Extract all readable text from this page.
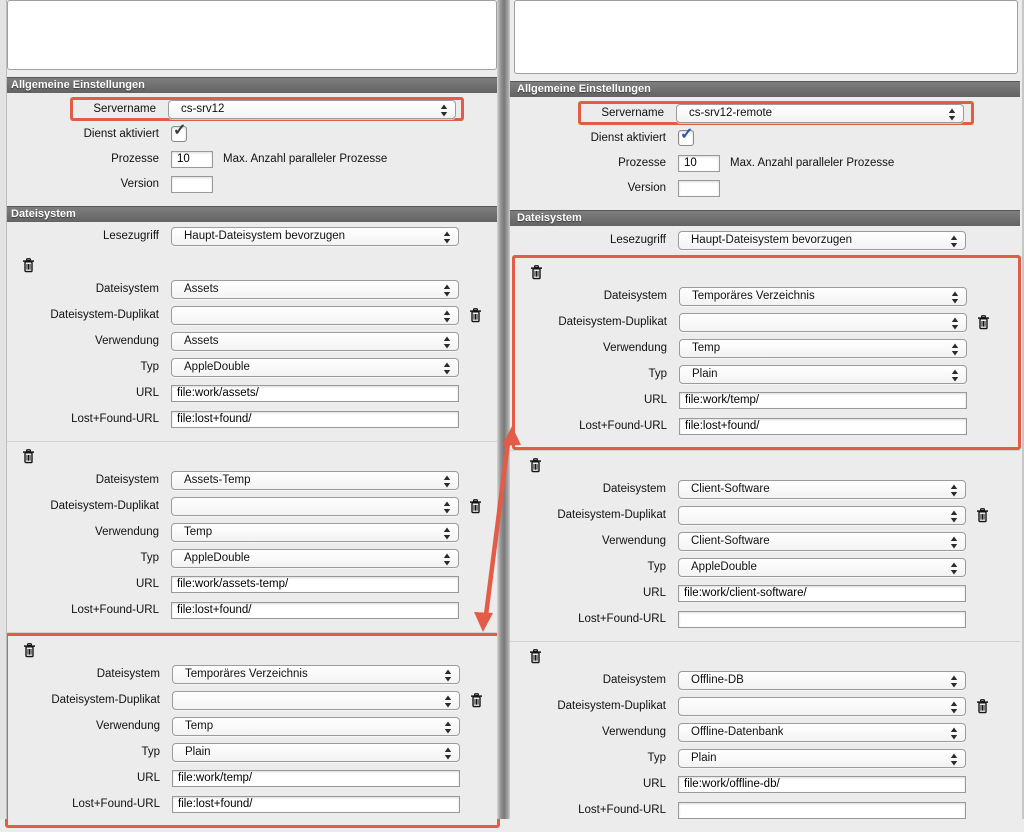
Allgemeine Einstellungen
Servername cs-srv12
Dienst aktiviert
✓
Prozesse
10	Max. Anzahl paralleler Prozesse
Version
Dateisystem
Lesezugriff Haupt-Dateisystem bevorzugen
Dateisystem Assets
Dateisystem-Duplikat
Verwendung Assets
Typ AppleDouble
URL
file:work/assets/
Lost+Found-URL
file:lost+found/
Dateisystem Assets-Temp
Dateisystem-Duplikat
Verwendung Temp
Typ AppleDouble
URL
file:work/assets-temp/
Lost+Found-URL
file:lost+found/
Dateisystem Temporäres Verzeichnis
Dateisystem-Duplikat
Verwendung Temp
Typ Plain
URL
file:work/temp/
Lost+Found-URL
file:lost+found/
Allgemeine Einstellungen
Servername cs-srv12-remote
Dienst aktiviert
✓
Prozesse
10	Max. Anzahl paralleler Prozesse
Version
Dateisystem
Lesezugriff Haupt-Dateisystem bevorzugen
Dateisystem Temporäres Verzeichnis
Dateisystem-Duplikat
Verwendung Temp
Typ Plain
URL
file:work/temp/
Lost+Found-URL
file:lost+found/
Dateisystem Client-Software
Dateisystem-Duplikat
Verwendung Client-Software
Typ AppleDouble
URL
file:work/client-software/
Lost+Found-URL
Dateisystem Offline-DB
Dateisystem-Duplikat
Verwendung Offline-Datenbank
Typ Plain
URL
file:work/offline-db/
Lost+Found-URL
